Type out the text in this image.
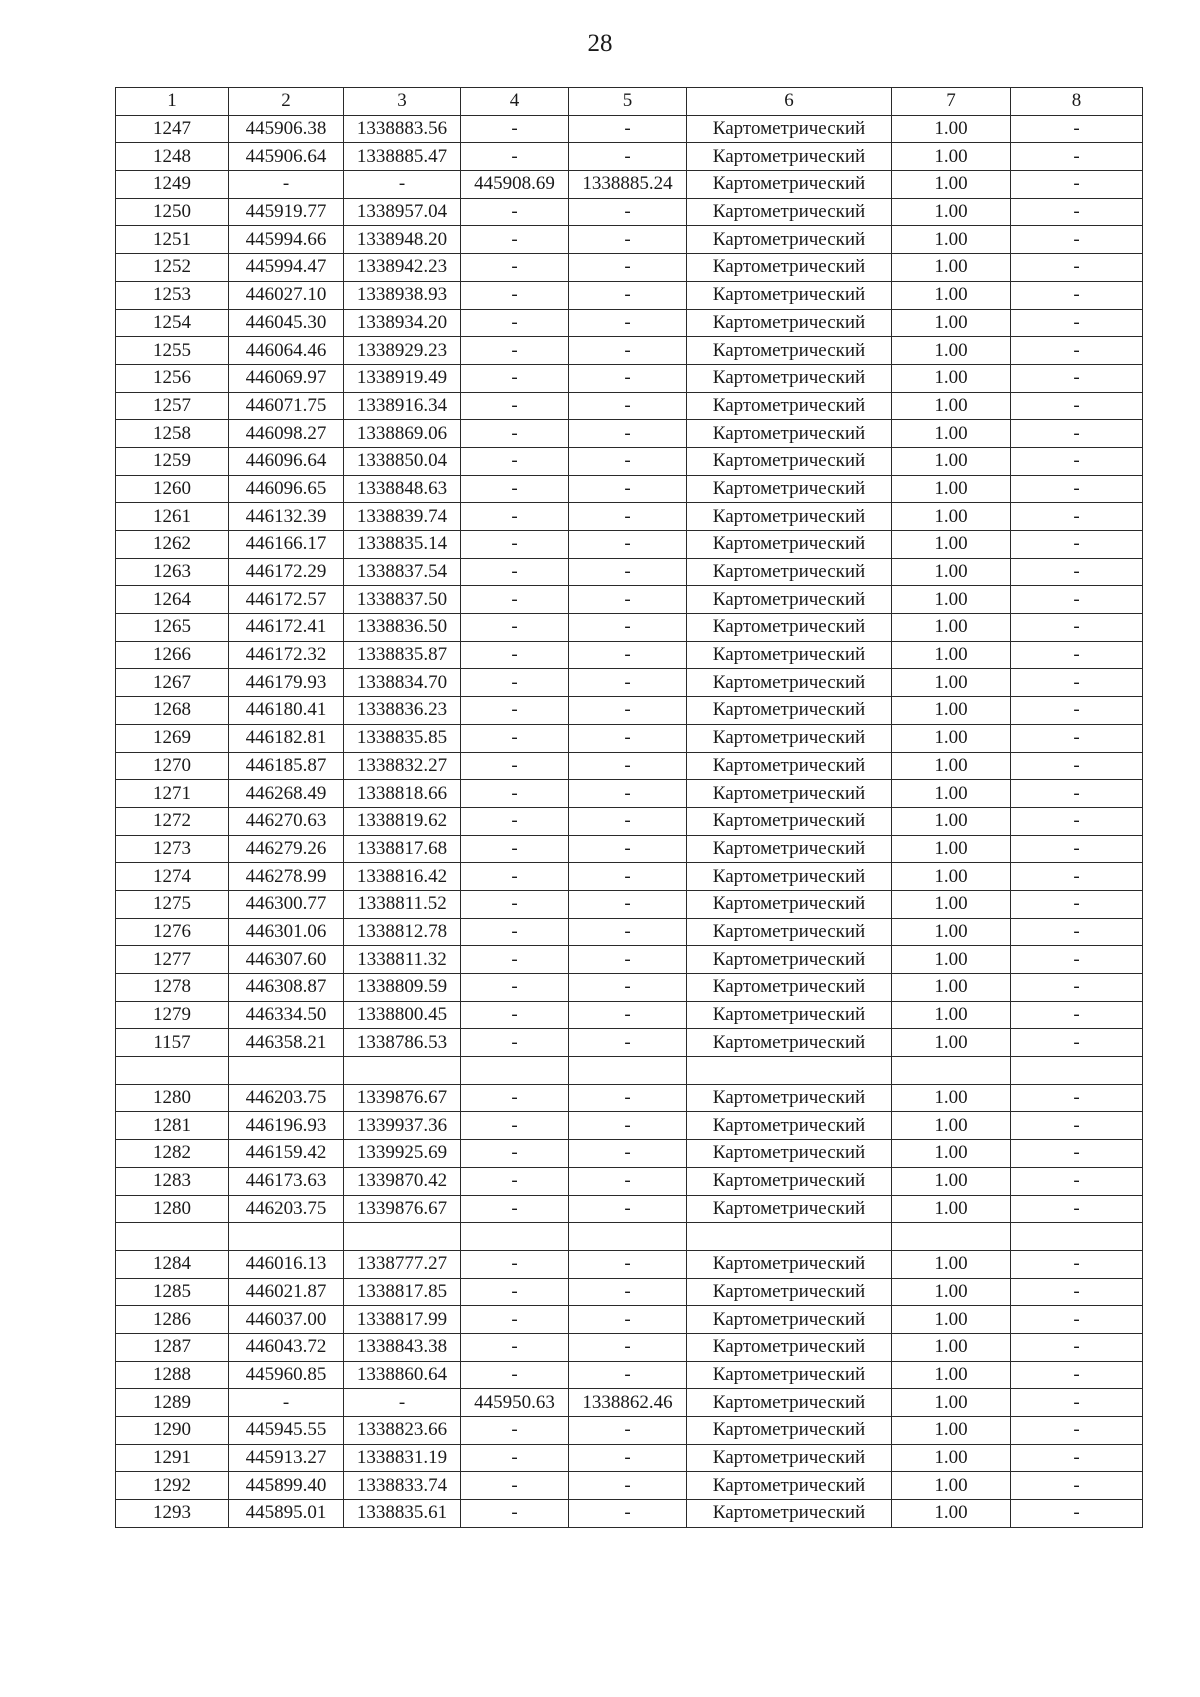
28
1	2	3	4	5	6	7	8
1247	445906.38	1338883.56	-	-	Картометрический	1.00	-
1248	445906.64	1338885.47	-	-	Картометрический	1.00	-
1249	-	-	445908.69	1338885.24	Картометрический	1.00	-
1250	445919.77	1338957.04	-	-	Картометрический	1.00	-
1251	445994.66	1338948.20	-	-	Картометрический	1.00	-
1252	445994.47	1338942.23	-	-	Картометрический	1.00	-
1253	446027.10	1338938.93	-	-	Картометрический	1.00	-
1254	446045.30	1338934.20	-	-	Картометрический	1.00	-
1255	446064.46	1338929.23	-	-	Картометрический	1.00	-
1256	446069.97	1338919.49	-	-	Картометрический	1.00	-
1257	446071.75	1338916.34	-	-	Картометрический	1.00	-
1258	446098.27	1338869.06	-	-	Картометрический	1.00	-
1259	446096.64	1338850.04	-	-	Картометрический	1.00	-
1260	446096.65	1338848.63	-	-	Картометрический	1.00	-
1261	446132.39	1338839.74	-	-	Картометрический	1.00	-
1262	446166.17	1338835.14	-	-	Картометрический	1.00	-
1263	446172.29	1338837.54	-	-	Картометрический	1.00	-
1264	446172.57	1338837.50	-	-	Картометрический	1.00	-
1265	446172.41	1338836.50	-	-	Картометрический	1.00	-
1266	446172.32	1338835.87	-	-	Картометрический	1.00	-
1267	446179.93	1338834.70	-	-	Картометрический	1.00	-
1268	446180.41	1338836.23	-	-	Картометрический	1.00	-
1269	446182.81	1338835.85	-	-	Картометрический	1.00	-
1270	446185.87	1338832.27	-	-	Картометрический	1.00	-
1271	446268.49	1338818.66	-	-	Картометрический	1.00	-
1272	446270.63	1338819.62	-	-	Картометрический	1.00	-
1273	446279.26	1338817.68	-	-	Картометрический	1.00	-
1274	446278.99	1338816.42	-	-	Картометрический	1.00	-
1275	446300.77	1338811.52	-	-	Картометрический	1.00	-
1276	446301.06	1338812.78	-	-	Картометрический	1.00	-
1277	446307.60	1338811.32	-	-	Картометрический	1.00	-
1278	446308.87	1338809.59	-	-	Картометрический	1.00	-
1279	446334.50	1338800.45	-	-	Картометрический	1.00	-
1157	446358.21	1338786.53	-	-	Картометрический	1.00	-

1280	446203.75	1339876.67	-	-	Картометрический	1.00	-
1281	446196.93	1339937.36	-	-	Картометрический	1.00	-
1282	446159.42	1339925.69	-	-	Картометрический	1.00	-
1283	446173.63	1339870.42	-	-	Картометрический	1.00	-
1280	446203.75	1339876.67	-	-	Картометрический	1.00	-

1284	446016.13	1338777.27	-	-	Картометрический	1.00	-
1285	446021.87	1338817.85	-	-	Картометрический	1.00	-
1286	446037.00	1338817.99	-	-	Картометрический	1.00	-
1287	446043.72	1338843.38	-	-	Картометрический	1.00	-
1288	445960.85	1338860.64	-	-	Картометрический	1.00	-
1289	-	-	445950.63	1338862.46	Картометрический	1.00	-
1290	445945.55	1338823.66	-	-	Картометрический	1.00	-
1291	445913.27	1338831.19	-	-	Картометрический	1.00	-
1292	445899.40	1338833.74	-	-	Картометрический	1.00	-
1293	445895.01	1338835.61	-	-	Картометрический	1.00	-
